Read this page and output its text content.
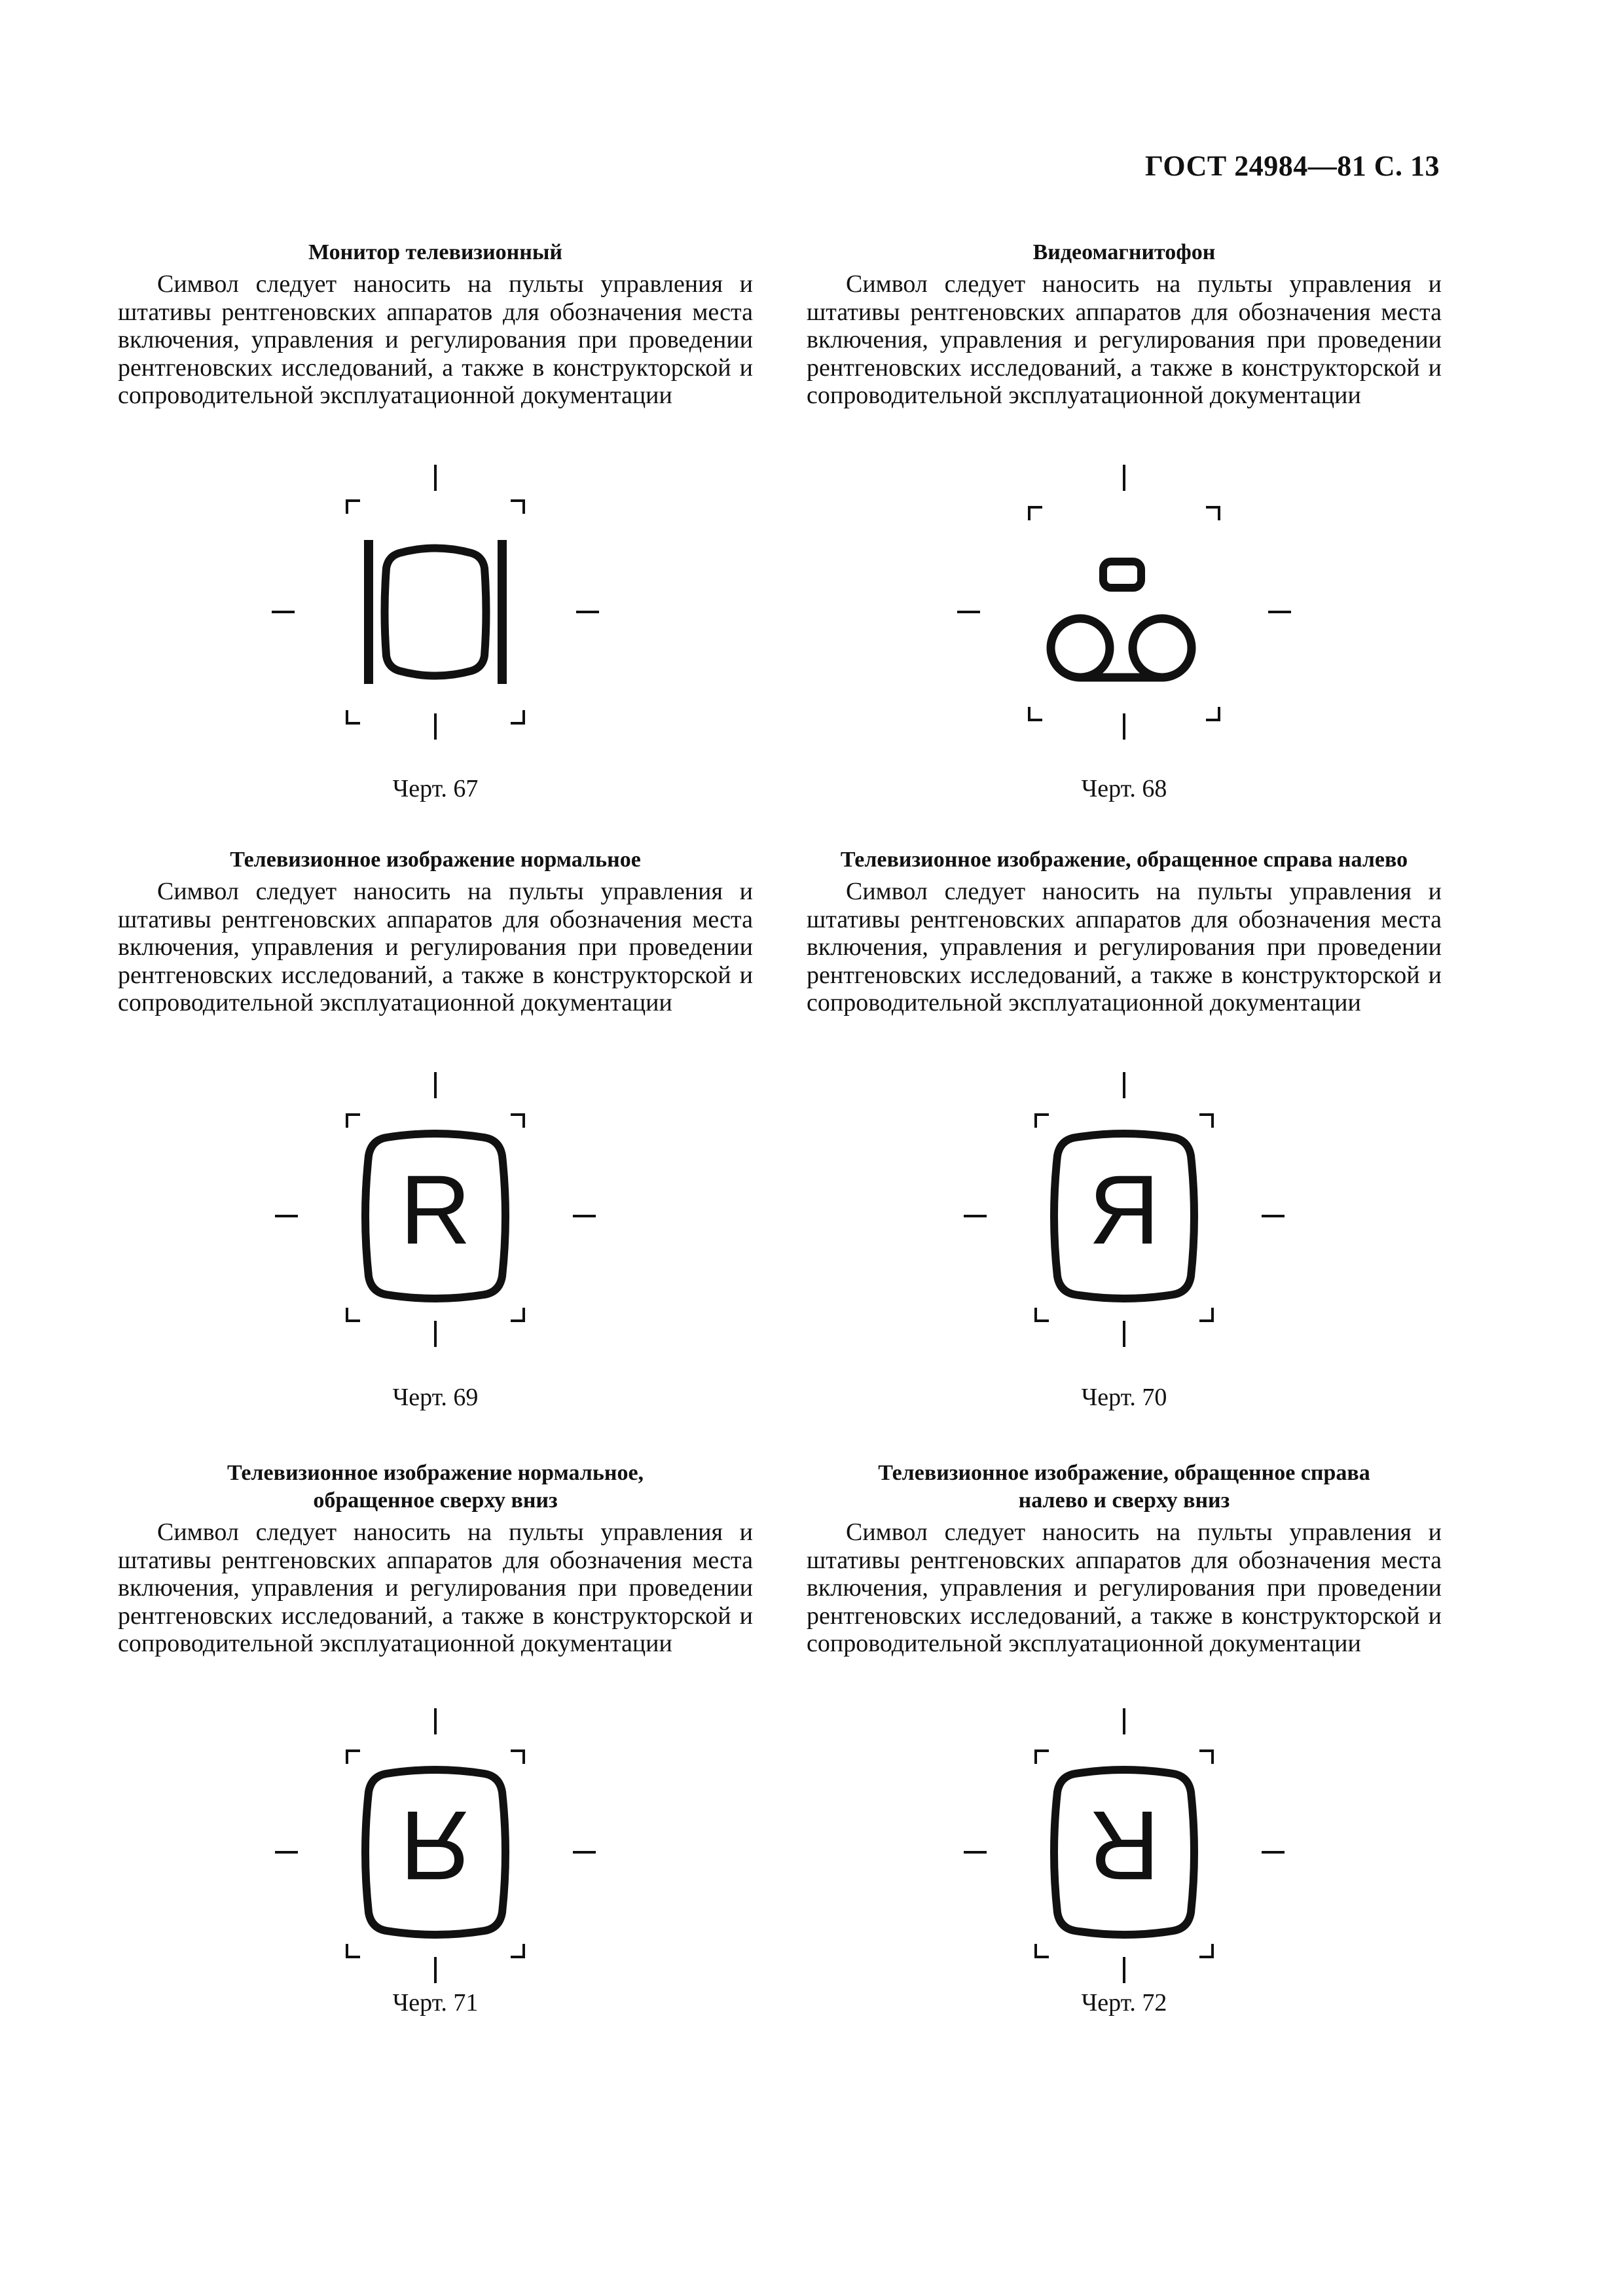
ГОСТ 24984—81 С. 13
Монитор телевизионный

Символ следует наносить на пульты управления и штативы рентгеновских аппаратов для обозначения места включения, управления и регулирования при проведении рентгеновских исследований, а также в конструкторской и сопроводительной эксплуатационной документации

Черт. 67
Видеомагнитофон

Символ следует наносить на пульты управления и штативы рентгеновских аппаратов для обозначения места включения, управления и регулирования при проведении рентгеновских исследований, а также в конструкторской и сопроводительной эксплуатационной документации

Черт. 68
Телевизионное изображение нормальное

Символ следует наносить на пульты управления и штативы рентгеновских аппаратов для обозначения места включения, управления и регулирования при проведении рентгеновских исследований, а также в конструкторской и сопроводительной эксплуатационной документации

R
Черт. 69
Телевизионное изображение, обращенное справа налево

Символ следует наносить на пульты управления и штативы рентгеновских аппаратов для обозначения места включения, управления и регулирования при проведении рентгеновских исследований, а также в конструкторской и сопроводительной эксплуатационной документации

R
Черт. 70
Телевизионное изображение нормальное,
обращенное сверху вниз

Символ следует наносить на пульты управления и штативы рентгеновских аппаратов для обозначения места включения, управления и регулирования при проведении рентгеновских исследований, а также в конструкторской и сопроводительной эксплуатационной документации

R
Черт. 71
Телевизионное изображение, обращенное справа
налево и сверху вниз

Символ следует наносить на пульты управления и штативы рентгеновских аппаратов для обозначения места включения, управления и регулирования при проведении рентгеновских исследований, а также в конструкторской и сопроводительной эксплуатационной документации

R
Черт. 72
